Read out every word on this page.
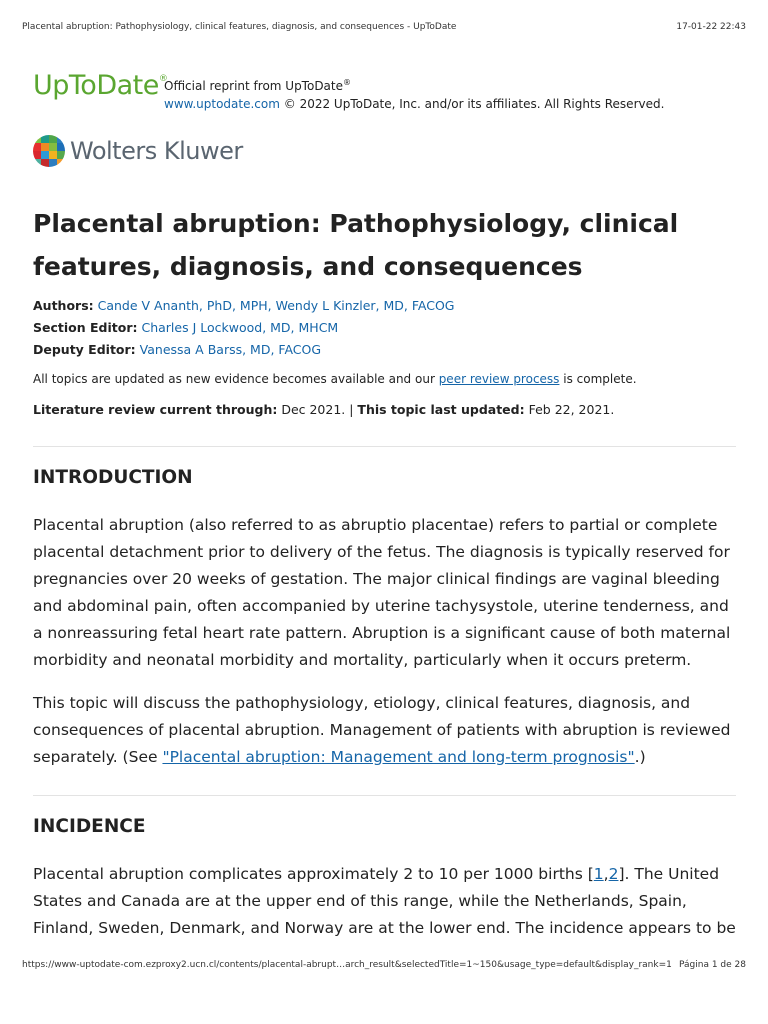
Placental abruption: Pathophysiology, clinical features, diagnosis, and consequences - UpToDate	17-01-22 22:43
UpToDate®
Official reprint from UpToDate®
www.uptodate.com © 2022 UpToDate, Inc. and/or its affiliates. All Rights Reserved.
Wolters Kluwer
Placental abruption: Pathophysiology, clinical features, diagnosis, and consequences
Authors: Cande V Ananth, PhD, MPH, Wendy L Kinzler, MD, FACOG
Section Editor: Charles J Lockwood, MD, MHCM
Deputy Editor: Vanessa A Barss, MD, FACOG
All topics are updated as new evidence becomes available and our peer review process is complete.
Literature review current through: Dec 2021. | This topic last updated: Feb 22, 2021.
INTRODUCTION

Placental abruption (also referred to as abruptio placentae) refers to partial or complete placental detachment prior to delivery of the fetus. The diagnosis is typically reserved for pregnancies over 20 weeks of gestation. The major clinical findings are vaginal bleeding and abdominal pain, often accompanied by uterine tachysystole, uterine tenderness, and a nonreassuring fetal heart rate pattern. Abruption is a significant cause of both maternal morbidity and neonatal morbidity and mortality, particularly when it occurs preterm.

This topic will discuss the pathophysiology, etiology, clinical features, diagnosis, and consequences of placental abruption. Management of patients with abruption is reviewed separately. (See "Placental abruption: Management and long-term prognosis".)

INCIDENCE

Placental abruption complicates approximately 2 to 10 per 1000 births [1,2]. The United States and Canada are at the upper end of this range, while the Netherlands, Spain, Finland, Sweden, Denmark, and Norway are at the lower end. The incidence appears to be

https://www-uptodate-com.ezproxy2.ucn.cl/contents/placental-abrupt…arch_result&selectedTitle=1~150&usage_type=default&display_rank=1 Página 1 de 28
